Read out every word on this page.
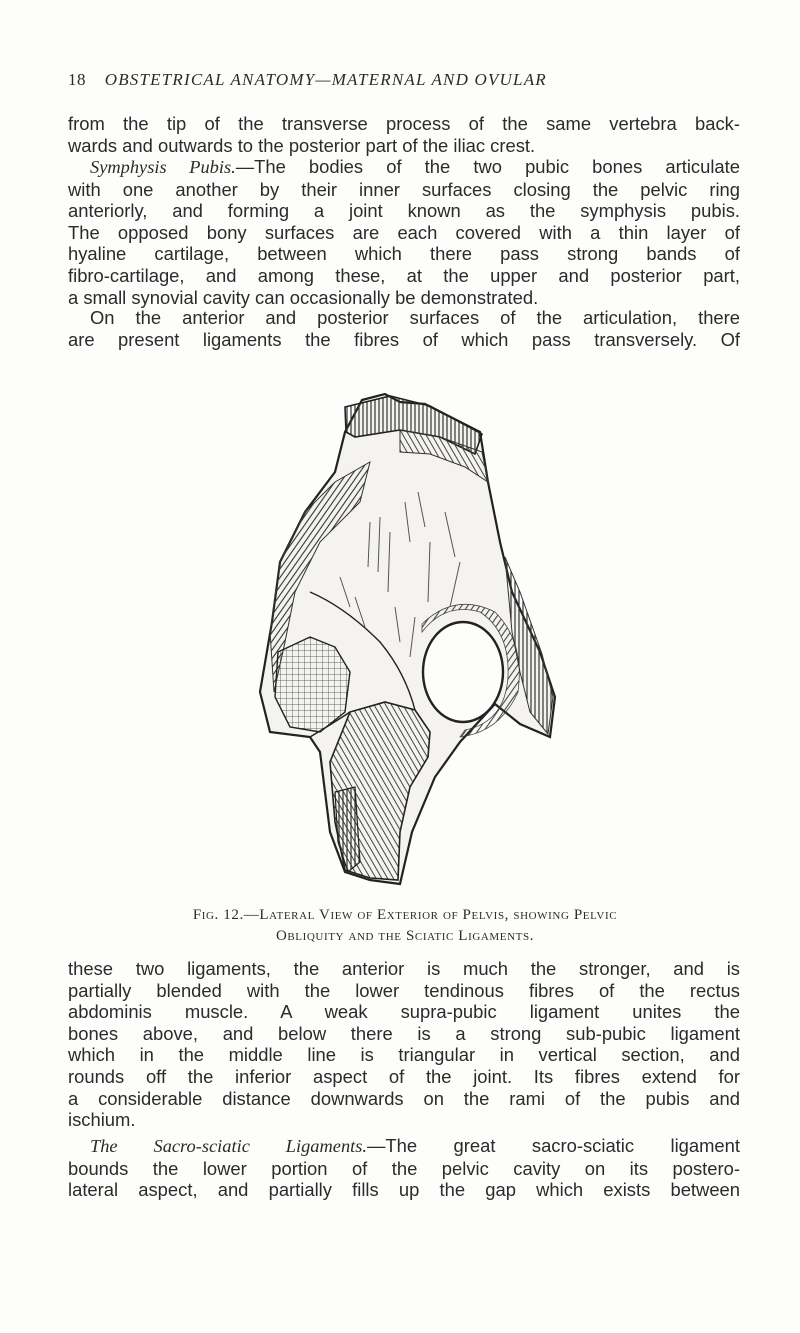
18 OBSTETRICAL ANATOMY—MATERNAL AND OVULAR
from the tip of the transverse process of the same vertebra back-
wards and outwards to the posterior part of the iliac crest.
Symphysis Pubis.—The bodies of the two pubic bones articulate
with one another by their inner surfaces closing the pelvic ring
anteriorly, and forming a joint known as the symphysis pubis.
The opposed bony surfaces are each covered with a thin layer of
hyaline cartilage, between which there pass strong bands of
fibro-cartilage, and among these, at the upper and posterior part,
a small synovial cavity can occasionally be demonstrated.
On the anterior and posterior surfaces of the articulation, there
are present ligaments the fibres of which pass transversely. Of
Fig. 12.—Lateral View of Exterior of Pelvis, showing Pelvic
Obliquity and the Sciatic Ligaments.
these two ligaments, the anterior is much the stronger, and is
partially blended with the lower tendinous fibres of the rectus
abdominis muscle. A weak supra-pubic ligament unites the
bones above, and below there is a strong sub-pubic ligament
which in the middle line is triangular in vertical section, and
rounds off the inferior aspect of the joint. Its fibres extend for
a considerable distance downwards on the rami of the pubis and
ischium.
The Sacro-sciatic Ligaments.—The great sacro-sciatic ligament
bounds the lower portion of the pelvic cavity on its postero-
lateral aspect, and partially fills up the gap which exists between
